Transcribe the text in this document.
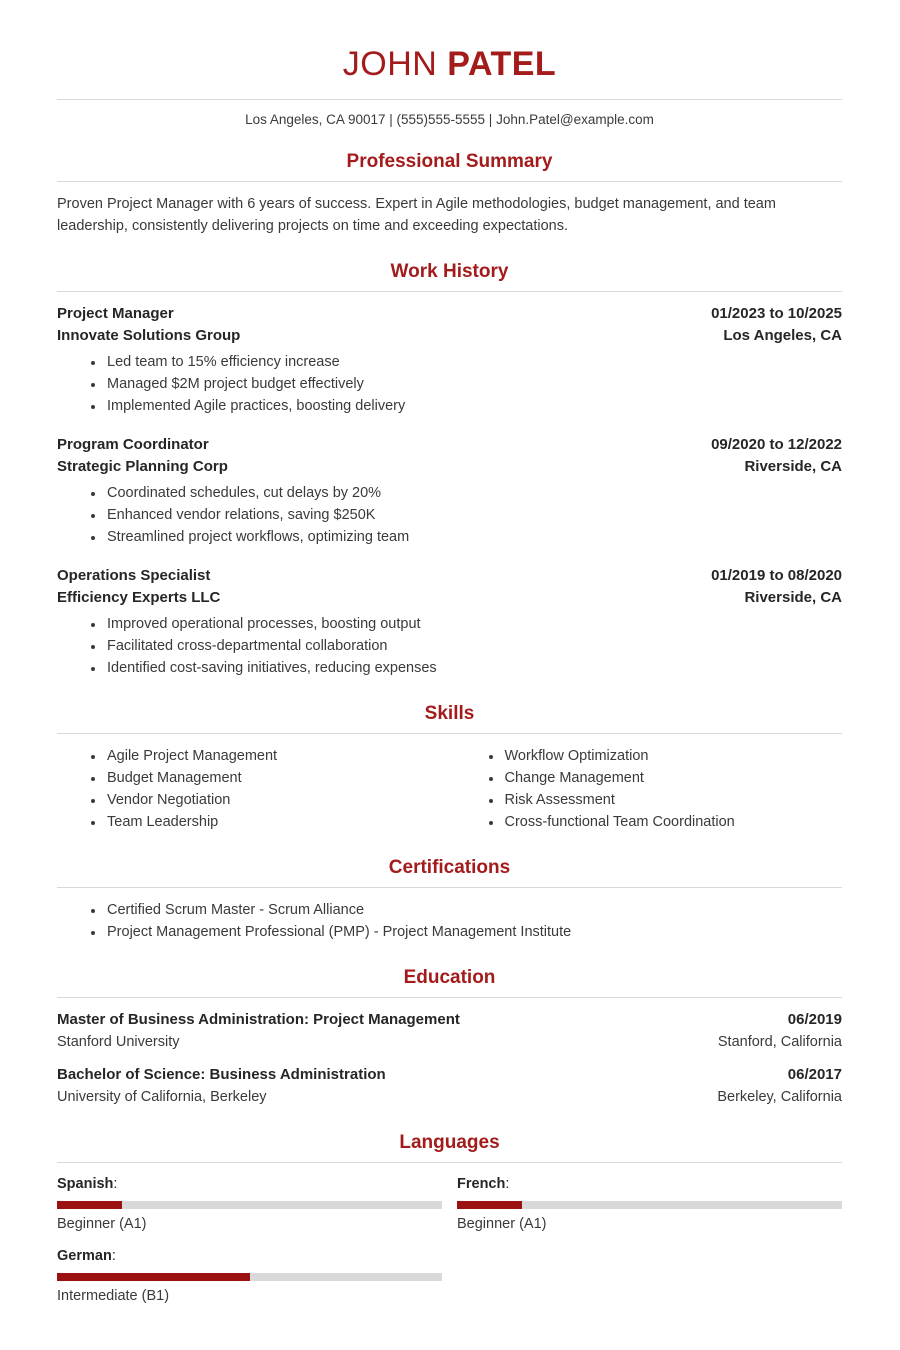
JOHN PATEL
Los Angeles, CA 90017 | (555)555-5555 | John.Patel@example.com
Professional Summary

Proven Project Manager with 6 years of success. Expert in Agile methodologies, budget management, and team leadership, consistently delivering projects on time and exceeding expectations.

Work History
Project Manager	01/2023 to 10/2025
Innovate Solutions Group	Los Angeles, CA
• Led team to 15% efficiency increase
• Managed $2M project budget effectively
• Implemented Agile practices, boosting delivery
Program Coordinator	09/2020 to 12/2022
Strategic Planning Corp	Riverside, CA
• Coordinated schedules, cut delays by 20%
• Enhanced vendor relations, saving $250K
• Streamlined project workflows, optimizing team
Operations Specialist	01/2019 to 08/2020
Efficiency Experts LLC	Riverside, CA
• Improved operational processes, boosting output
• Facilitated cross-departmental collaboration
• Identified cost-saving initiatives, reducing expenses
Skills
• Agile Project Management
• Budget Management
• Vendor Negotiation
• Team Leadership
• Workflow Optimization
• Change Management
• Risk Assessment
• Cross-functional Team Coordination
Certifications
• Certified Scrum Master - Scrum Alliance
• Project Management Professional (PMP) - Project Management Institute
Education
Master of Business Administration: Project Management	06/2019
Stanford University	Stanford, California
Bachelor of Science: Business Administration	06/2017
University of California, Berkeley	Berkeley, California
Languages
Spanish :
Beginner (A1)
French :
Beginner (A1)
German :
Intermediate (B1)
